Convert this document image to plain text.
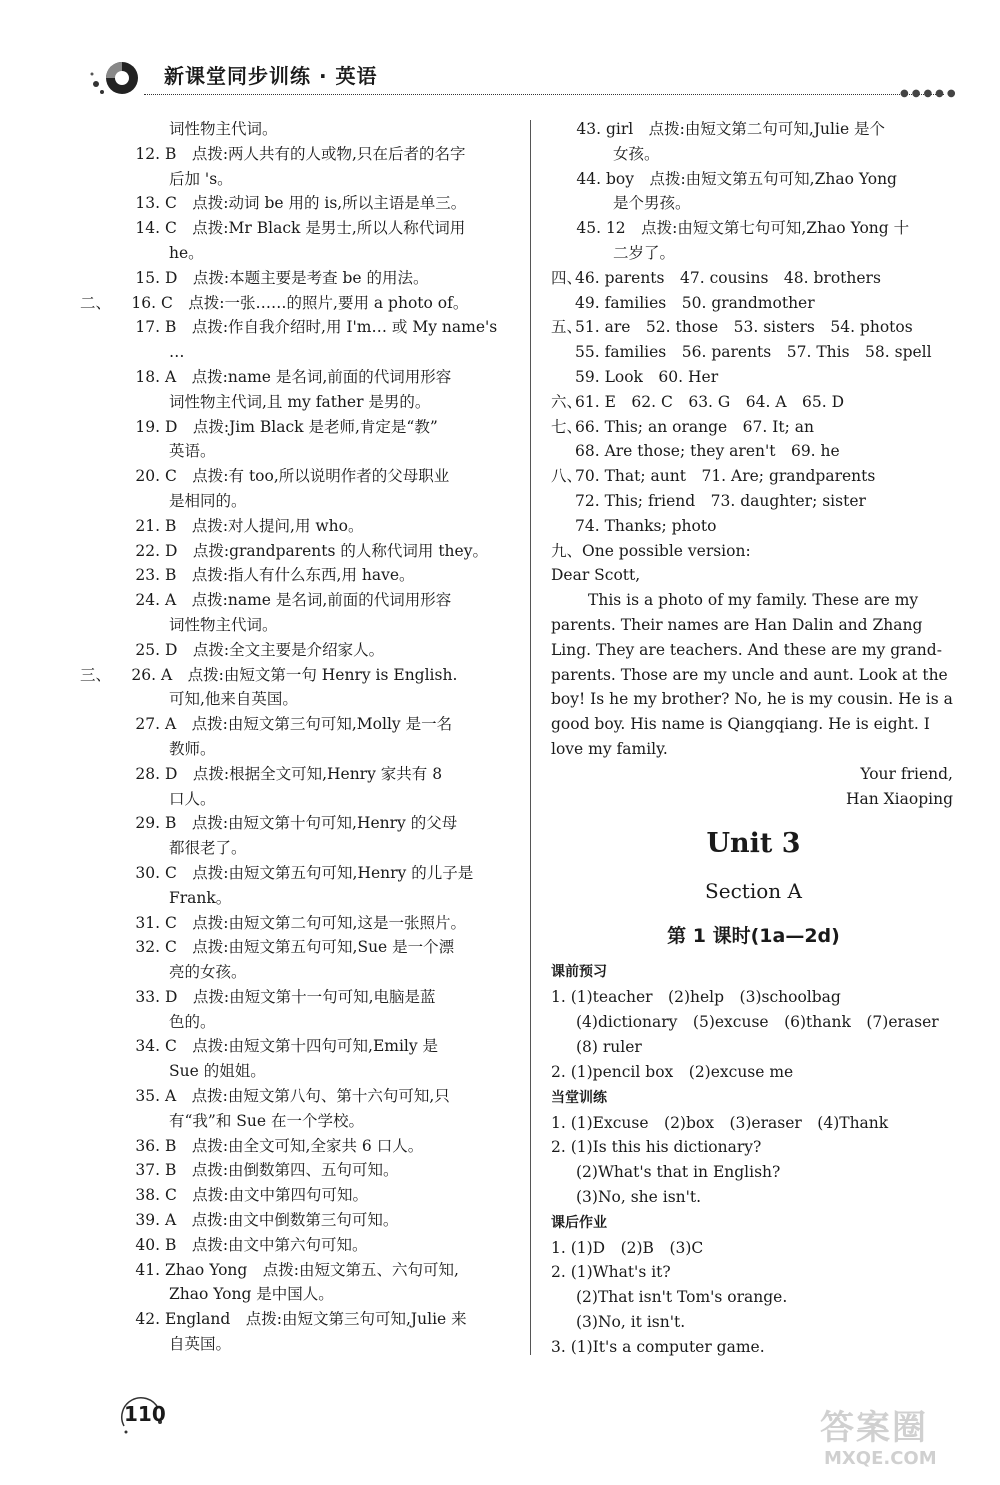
新课堂同步训练 · 英语
●●●●●
词性物主代词。
12. B　点拨:两人共有的人或物,只在后者的名字
后加 's。
13. C　点拨:动词 be 用的 is,所以主语是单三。
14. C　点拨:Mr Black 是男士,所以人称代词用
he。
15. D　点拨:本题主要是考查 be 的用法。
二、 16. C　点拨:一张……的照片,要用 a photo of。
17. B　点拨:作自我介绍时,用 I'm… 或 My name's
…
18. A　点拨:name 是名词,前面的代词用形容
词性物主代词,且 my father 是男的。
19. D　点拨:Jim Black 是老师,肯定是“教”
英语。
20. C　点拨:有 too,所以说明作者的父母职业
是相同的。
21. B　点拨:对人提问,用 who。
22. D　点拨:grandparents 的人称代词用 they。
23. B　点拨:指人有什么东西,用 have。
24. A　点拨:name 是名词,前面的代词用形容
词性物主代词。
25. D　点拨:全文主要是介绍家人。
三、 26. A　点拨:由短文第一句 Henry is English.
可知,他来自英国。
27. A　点拨:由短文第三句可知,Molly 是一名
教师。
28. D　点拨:根据全文可知,Henry 家共有 8
口人。
29. B　点拨:由短文第十句可知,Henry 的父母
都很老了。
30. C　点拨:由短文第五句可知,Henry 的儿子是
Frank。
31. C　点拨:由短文第二句可知,这是一张照片。
32. C　点拨:由短文第五句可知,Sue 是一个漂
亮的女孩。
33. D　点拨:由短文第十一句可知,电脑是蓝
色的。
34. C　点拨:由短文第十四句可知,Emily 是
Sue 的姐姐。
35. A　点拨:由短文第八句、第十六句可知,只
有“我”和 Sue 在一个学校。
36. B　点拨:由全文可知,全家共 6 口人。
37. B　点拨:由倒数第四、五句可知。
38. C　点拨:由文中第四句可知。
39. A　点拨:由文中倒数第三句可知。
40. B　点拨:由文中第六句可知。
41. Zhao Yong　点拨:由短文第五、六句可知,
Zhao Yong 是中国人。
42. England　点拨:由短文第三句可知,Julie 来
自英国。
43. girl　点拨:由短文第二句可知,Julie 是个
女孩。
44. boy　点拨:由短文第五句可知,Zhao Yong
是个男孩。
45. 12　点拨:由短文第七句可知,Zhao Yong 十
二岁了。
四、46. parents　47. cousins　48. brothers
49. families　50. grandmother
五、51. are　52. those　53. sisters　54. photos
55. families　56. parents　57. This　58. spell
59. Look　60. Her
六、61. E　62. C　63. G　64. A　65. D
七、66. This; an orange　67. It; an
68. Are those; they aren't　69. he
八、70. That; aunt　71. Are; grandparents
72. This; friend　73. daughter; sister
74. Thanks; photo
九、One possible version:
Dear Scott,
This is a photo of my family. These are my
parents. Their names are Han Dalin and Zhang
Ling. They are teachers. And these are my grand-
parents. Those are my uncle and aunt. Look at the
boy! Is he my brother? No, he is my cousin. He is a
good boy. His name is Qiangqiang. He is eight. I
love my family.
Your friend,
Han Xiaoping
Unit 3
Section A
第 1 课时(1a—2d)
课前预习
1. (1)teacher　(2)help　(3)schoolbag
(4)dictionary　(5)excuse　(6)thank　(7)eraser
(8) ruler
2. (1)pencil box　(2)excuse me
当堂训练
1. (1)Excuse　(2)box　(3)eraser　(4)Thank
2. (1)Is this his dictionary?
(2)What's that in English?
(3)No, she isn't.
课后作业
1. (1)D　(2)B　(3)C
2. (1)What's it?
(2)That isn't Tom's orange.
(3)No, it isn't.
3. (1)It's a computer game.
110	答案圈
MXQE.COM
